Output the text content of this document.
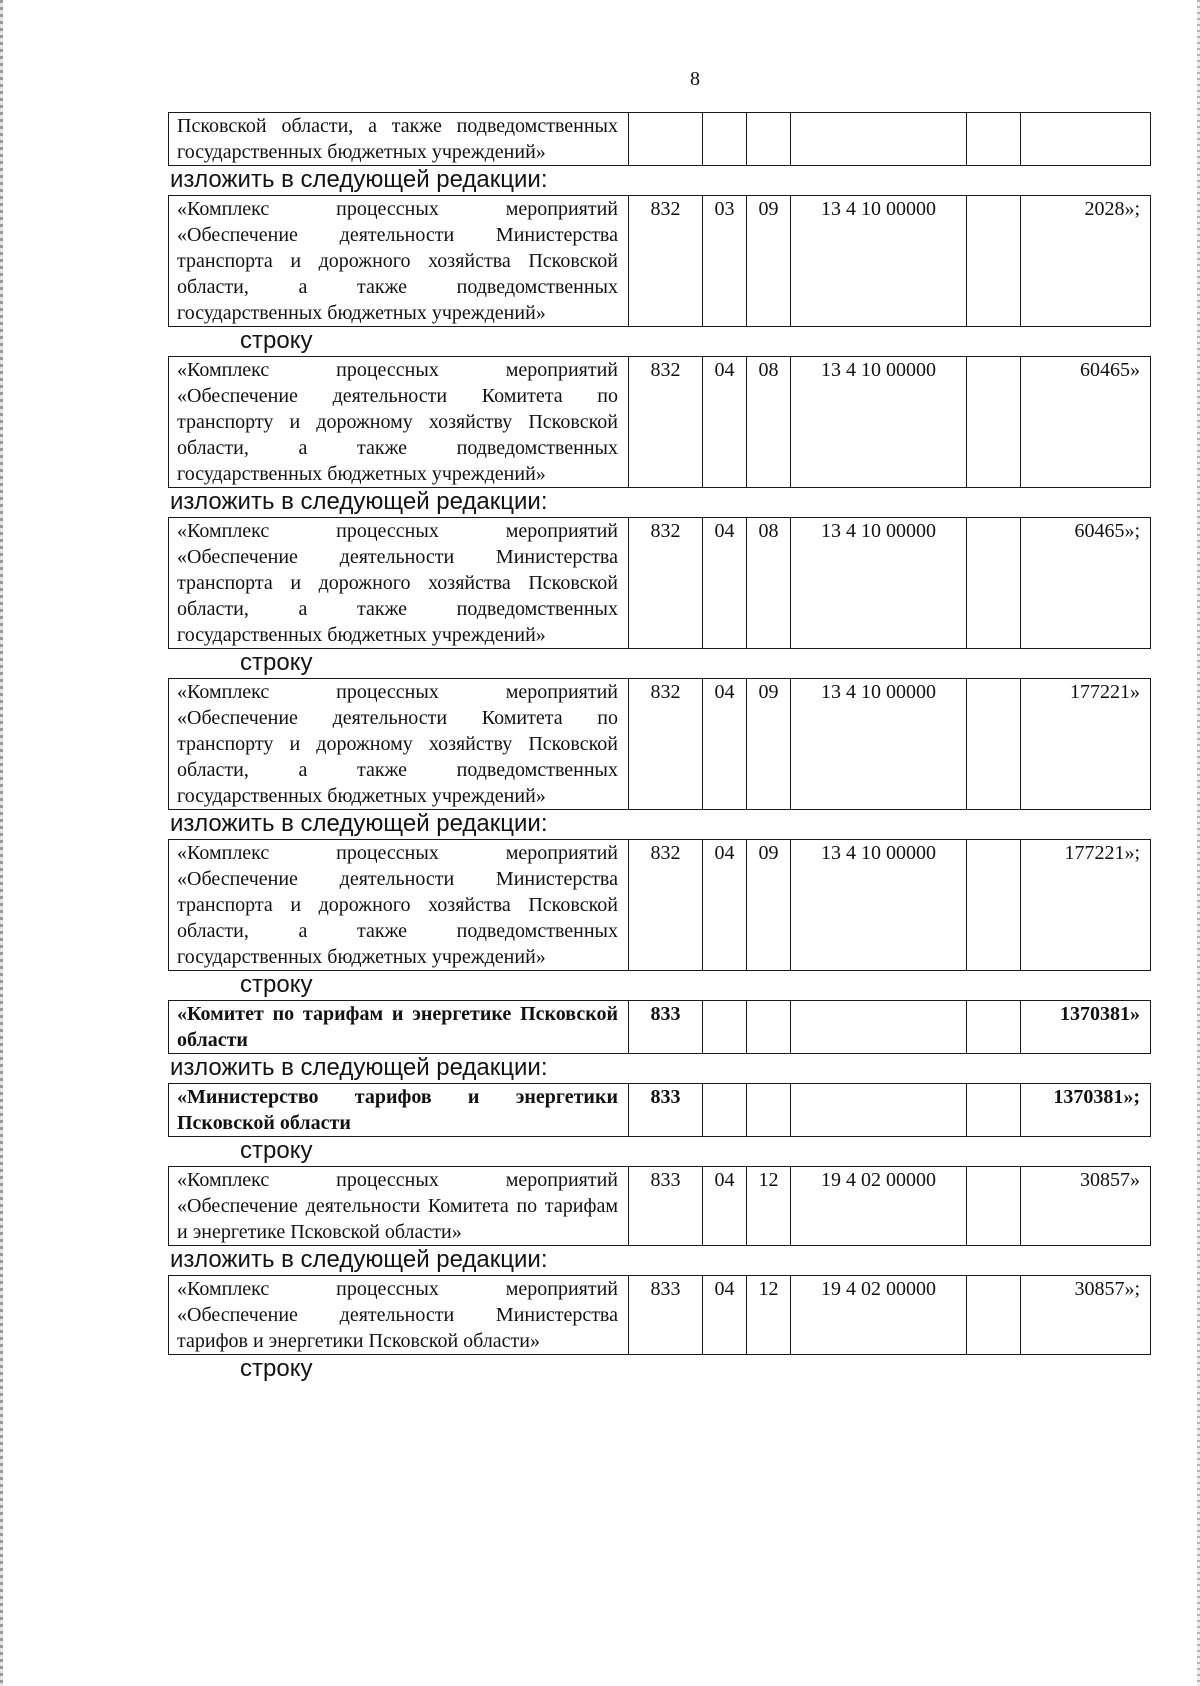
8
Псковской области, а также подведомственных государственных бюджетных учреждений»						
изложить в следующей редакции:
«Комплекс процессных мероприятий «Обеспечение деятельности Министерства транспорта и дорожного хозяйства Псковской области, а также подведомственных государственных бюджетных учреждений»	832	03	09	13 4 10 00000		2028»;
строку
«Комплекс процессных мероприятий «Обеспечение деятельности Комитета по транспорту и дорожному хозяйству Псковской области, а также подведомственных государственных бюджетных учреждений»	832	04	08	13 4 10 00000		60465»
изложить в следующей редакции:
«Комплекс процессных мероприятий «Обеспечение деятельности Министерства транспорта и дорожного хозяйства Псковской области, а также подведомственных государственных бюджетных учреждений»	832	04	08	13 4 10 00000		60465»;
строку
«Комплекс процессных мероприятий «Обеспечение деятельности Комитета по транспорту и дорожному хозяйству Псковской области, а также подведомственных государственных бюджетных учреждений»	832	04	09	13 4 10 00000		177221»
изложить в следующей редакции:
«Комплекс процессных мероприятий «Обеспечение деятельности Министерства транспорта и дорожного хозяйства Псковской области, а также подведомственных государственных бюджетных учреждений»	832	04	09	13 4 10 00000		177221»;
строку
«Комитет по тарифам и энергетике Псковской области	833					1370381»
изложить в следующей редакции:
«Министерство тарифов и энергетики Псковской области	833					1370381»;
строку
«Комплекс процессных мероприятий «Обеспечение деятельности Комитета по тарифам и энергетике Псковской области»	833	04	12	19 4 02 00000		30857»
изложить в следующей редакции:
«Комплекс процессных мероприятий «Обеспечение деятельности Министерства тарифов и энергетики Псковской области»	833	04	12	19 4 02 00000		30857»;
строку
